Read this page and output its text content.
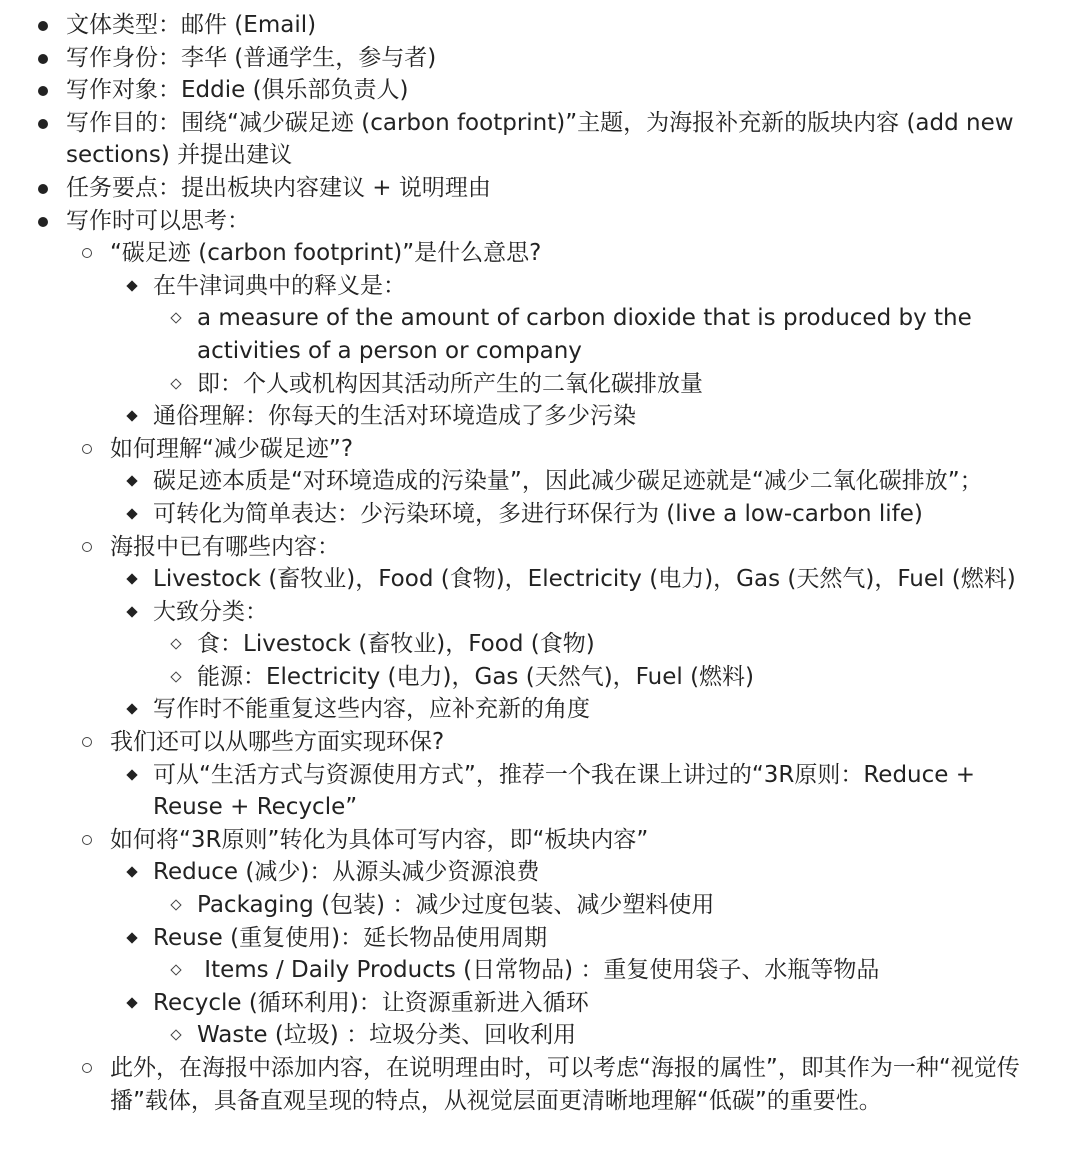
文体类型：邮件 (Email)
写作身份：李华 (普通学生，参与者)
写作对象：Eddie (俱乐部负责人)
写作目的：围绕“减少碳足迹 (carbon footprint)”主题，为海报补充新的版块内容 (add new sections) 并提出建议
任务要点：提出板块内容建议 + 说明理由
写作时可以思考：
“碳足迹 (carbon footprint)”是什么意思?
在牛津词典中的释义是：
a measure of the amount of carbon dioxide that is produced by the activities of a person or company
即：个人或机构因其活动所产生的二氧化碳排放量
通俗理解：你每天的生活对环境造成了多少污染
如何理解“减少碳足迹”?
碳足迹本质是“对环境造成的污染量”，因此减少碳足迹就是“减少二氧化碳排放”；
可转化为简单表达：少污染环境，多进行环保行为 (live a low-carbon life)
海报中已有哪些内容：
Livestock (畜牧业)，Food (食物)，Electricity (电力)，Gas (天然气)，Fuel (燃料)
大致分类：
食：Livestock (畜牧业)，Food (食物)
能源：Electricity (电力)，Gas (天然气)，Fuel (燃料)
写作时不能重复这些内容，应补充新的角度
我们还可以从哪些方面实现环保?
可从“生活方式与资源使用方式”，推荐一个我在课上讲过的“3R原则：Reduce + Reuse + Recycle”
如何将“3R原则”转化为具体可写内容，即“板块内容”
Reduce (减少)：从源头减少资源浪费
Packaging (包装) ：减少过度包装、减少塑料使用
Reuse (重复使用)：延长物品使用周期
Items / Daily Products (日常物品) ：重复使用袋子、水瓶等物品
Recycle (循环利用)：让资源重新进入循环
Waste (垃圾) ：垃圾分类、回收利用
此外，在海报中添加内容，在说明理由时，可以考虑“海报的属性”，即其作为一种“视觉传播”载体，具备直观呈现的特点，从视觉层面更清晰地理解“低碳”的重要性。
